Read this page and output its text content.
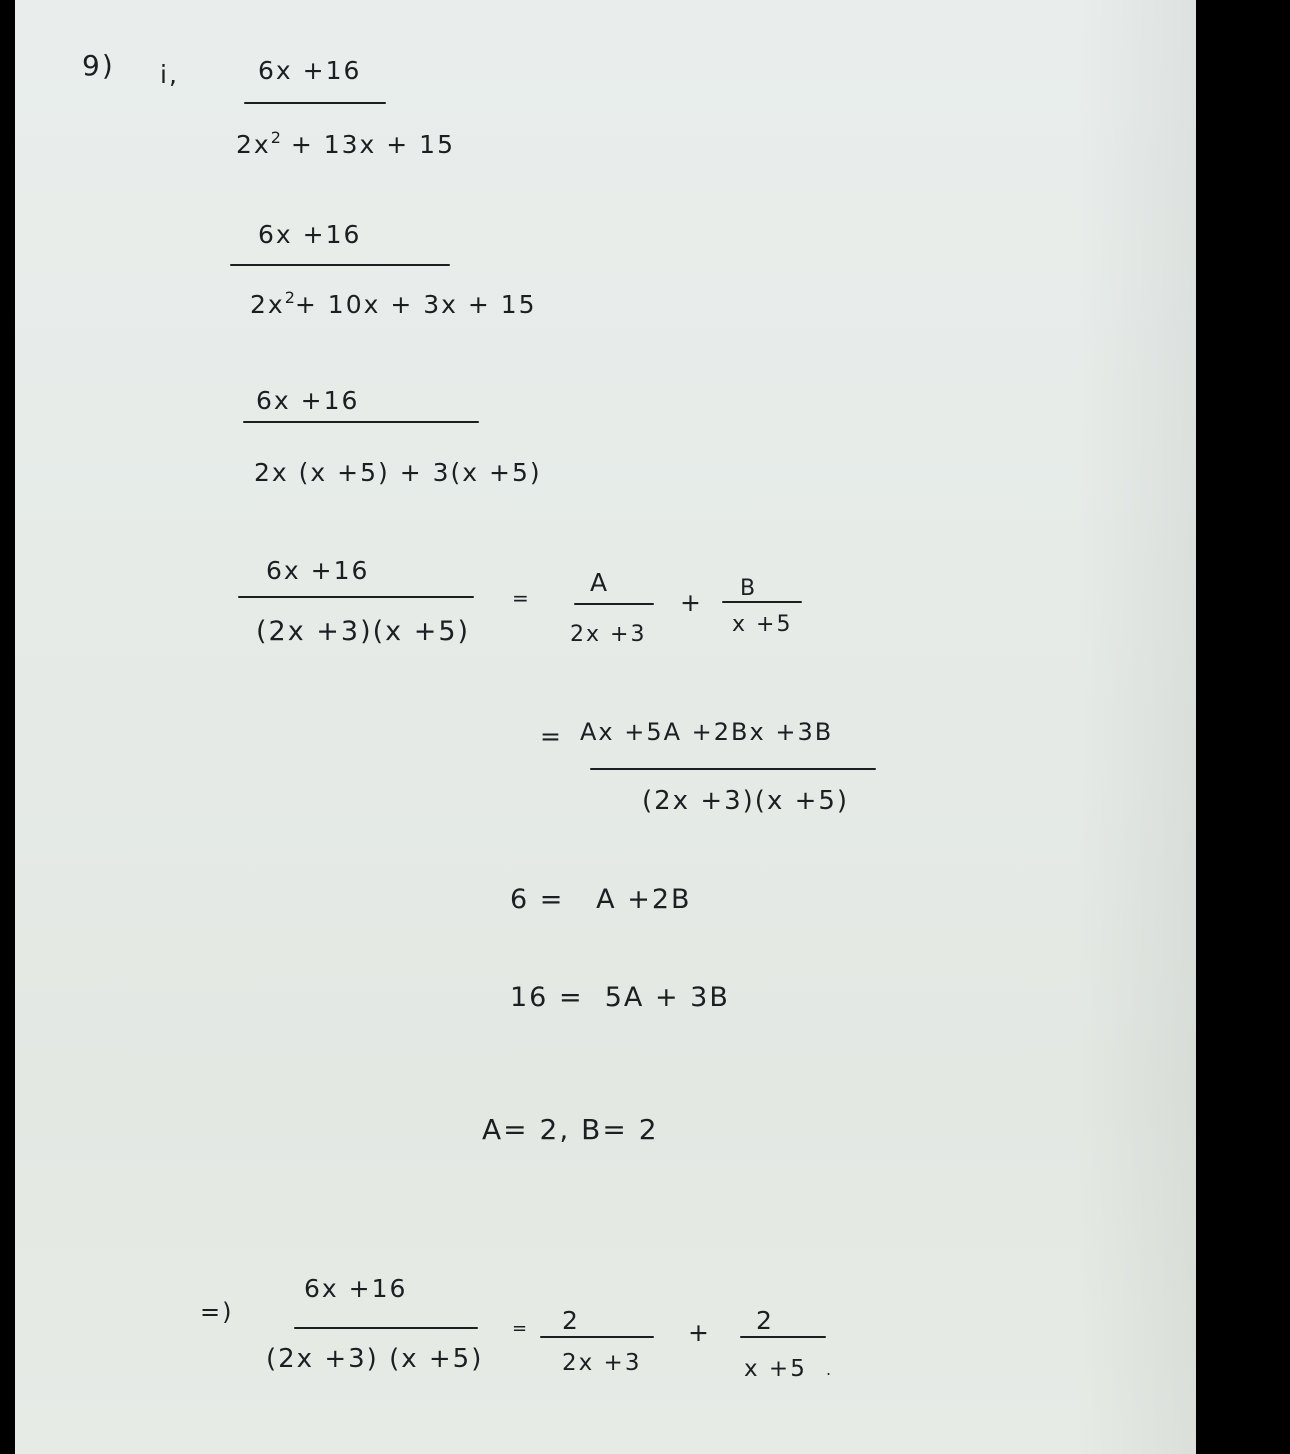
9) i,	6x +16
$2x^2 + 13x + 15$
6x +16
$2x^2+ 10x + 3x + 15$
6x +16
2x (x +5) + 3(x +5)
6x +16
(2x +3)(x +5)
=
A
2x +3
+ B
x +5
= Ax +5A +2Bx +3B
(2x +3)(x +5)
6 = A +2B
16 = 5A + 3B
A= 2, B= 2
=)
6x +16
(2x +3) (x +5)
= 2
2x +3
+ 2
x +5 .
